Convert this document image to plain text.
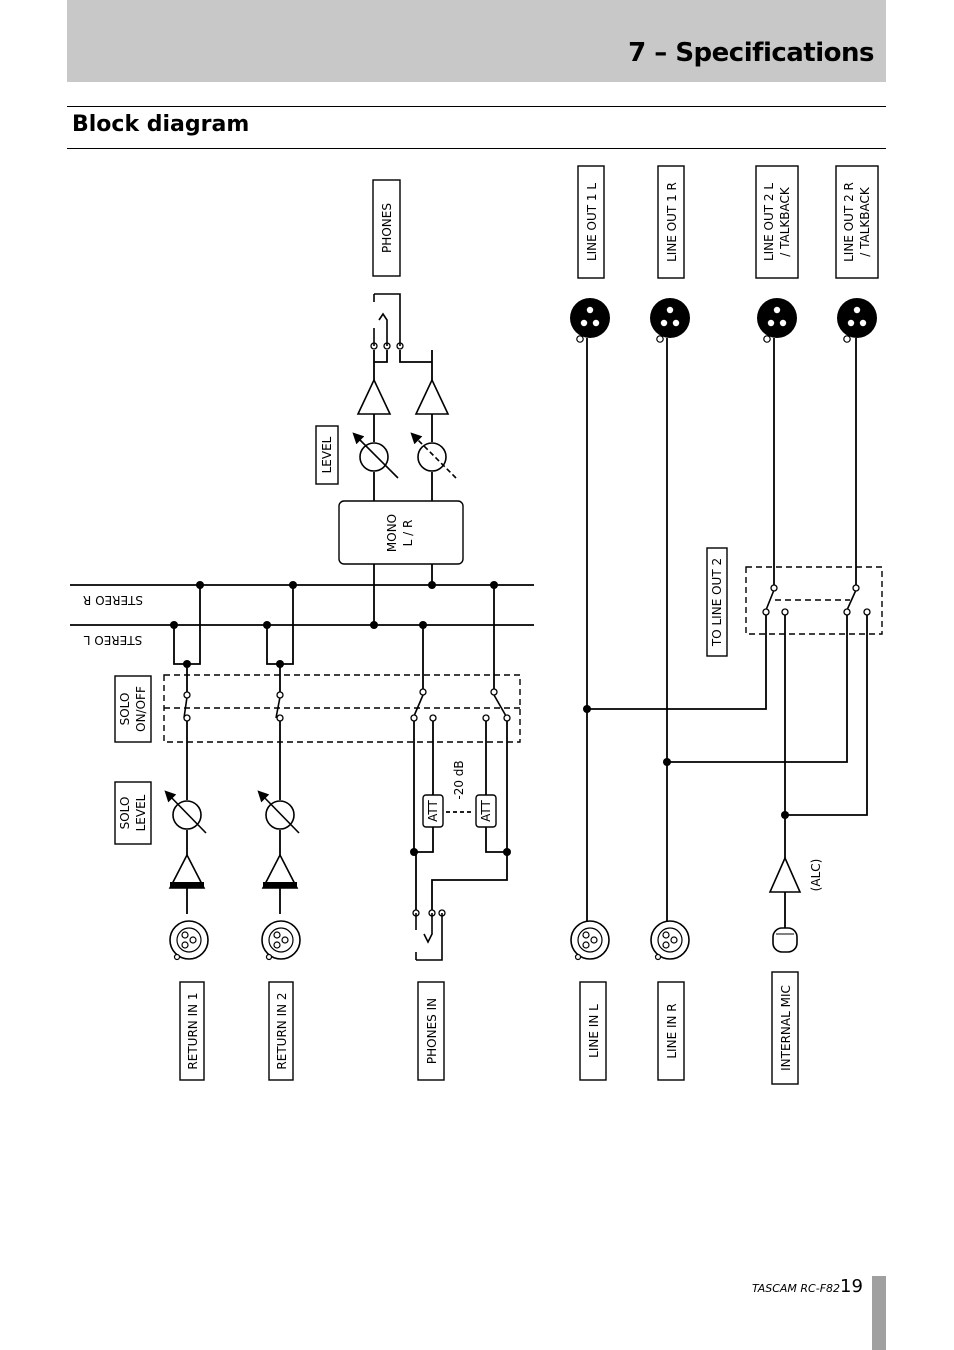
7 – Specifications
Block diagram
PHONES	LINE OUT 1 L	LINE OUT 1 R	LINE OUT 2 L / TALKBACK	LINE OUT 2 R / TALKBACK
LEVEL
MONO L / R
TO LINE OUT 2
SOLO ON/OFF
SOLO LEVEL	ATT	ATT
-20 dB
(ALC)
RETURN IN 1	RETURN IN 2	PHONES IN	LINE IN L	LINE IN R	INTERNAL MIC
STEREO R
STEREO L
TASCAM RC-F82 19
